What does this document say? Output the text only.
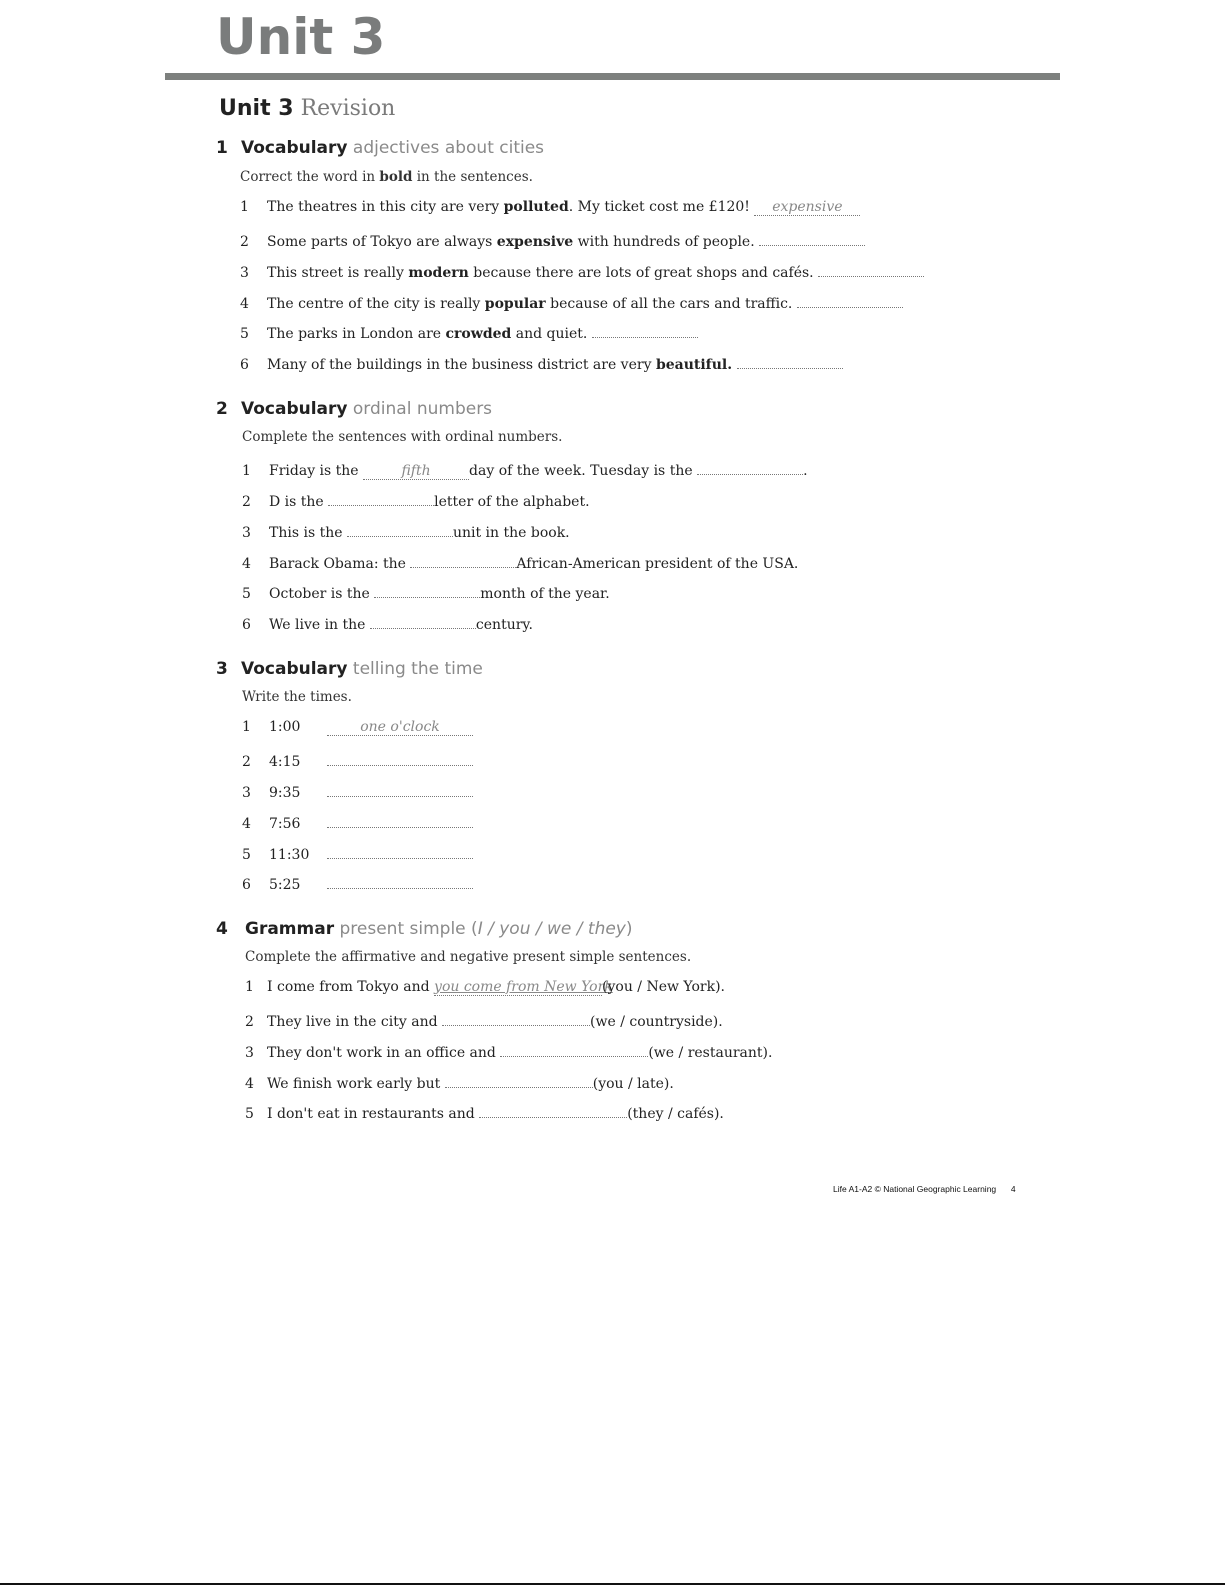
Unit 3
Unit 3 Revision
1 Vocabulary adjectives about cities
Correct the word in bold in the sentences.
1 The theatres in this city are very polluted. My ticket cost me £120! expensive
2 Some parts of Tokyo are always expensive with hundreds of people.
3 This street is really modern because there are lots of great shops and cafés.
4 The centre of the city is really popular because of all the cars and traffic.
5 The parks in London are crowded and quiet.
6 Many of the buildings in the business district are very beautiful.
2 Vocabulary ordinal numbers
Complete the sentences with ordinal numbers.
1 Friday is the	fifth	day of the week. Tuesday is the	.
2 D is the	letter of the alphabet.
3 This is the	unit in the book.
4 Barack Obama: the	African-American president of the USA.
5 October is the	month of the year.
6 We live in the	century.
3 Vocabulary telling the time
Write the times.
1 1:00	one o'clock
2 4:15
3 9:35
4 7:56
5 11:30
6 5:25
4 Grammar present simple (I / you / we / they)
Complete the affirmative and negative present simple sentences.
1 I come from Tokyo and you come from New York(you / New York).
2 They live in the city and	(we / countryside).
3 They don't work in an office and	(we / restaurant).
4 We finish work early but	(you / late).
5 I don't eat in restaurants and	(they / cafés).
Life A1-A2 © National Geographic Learning 4
